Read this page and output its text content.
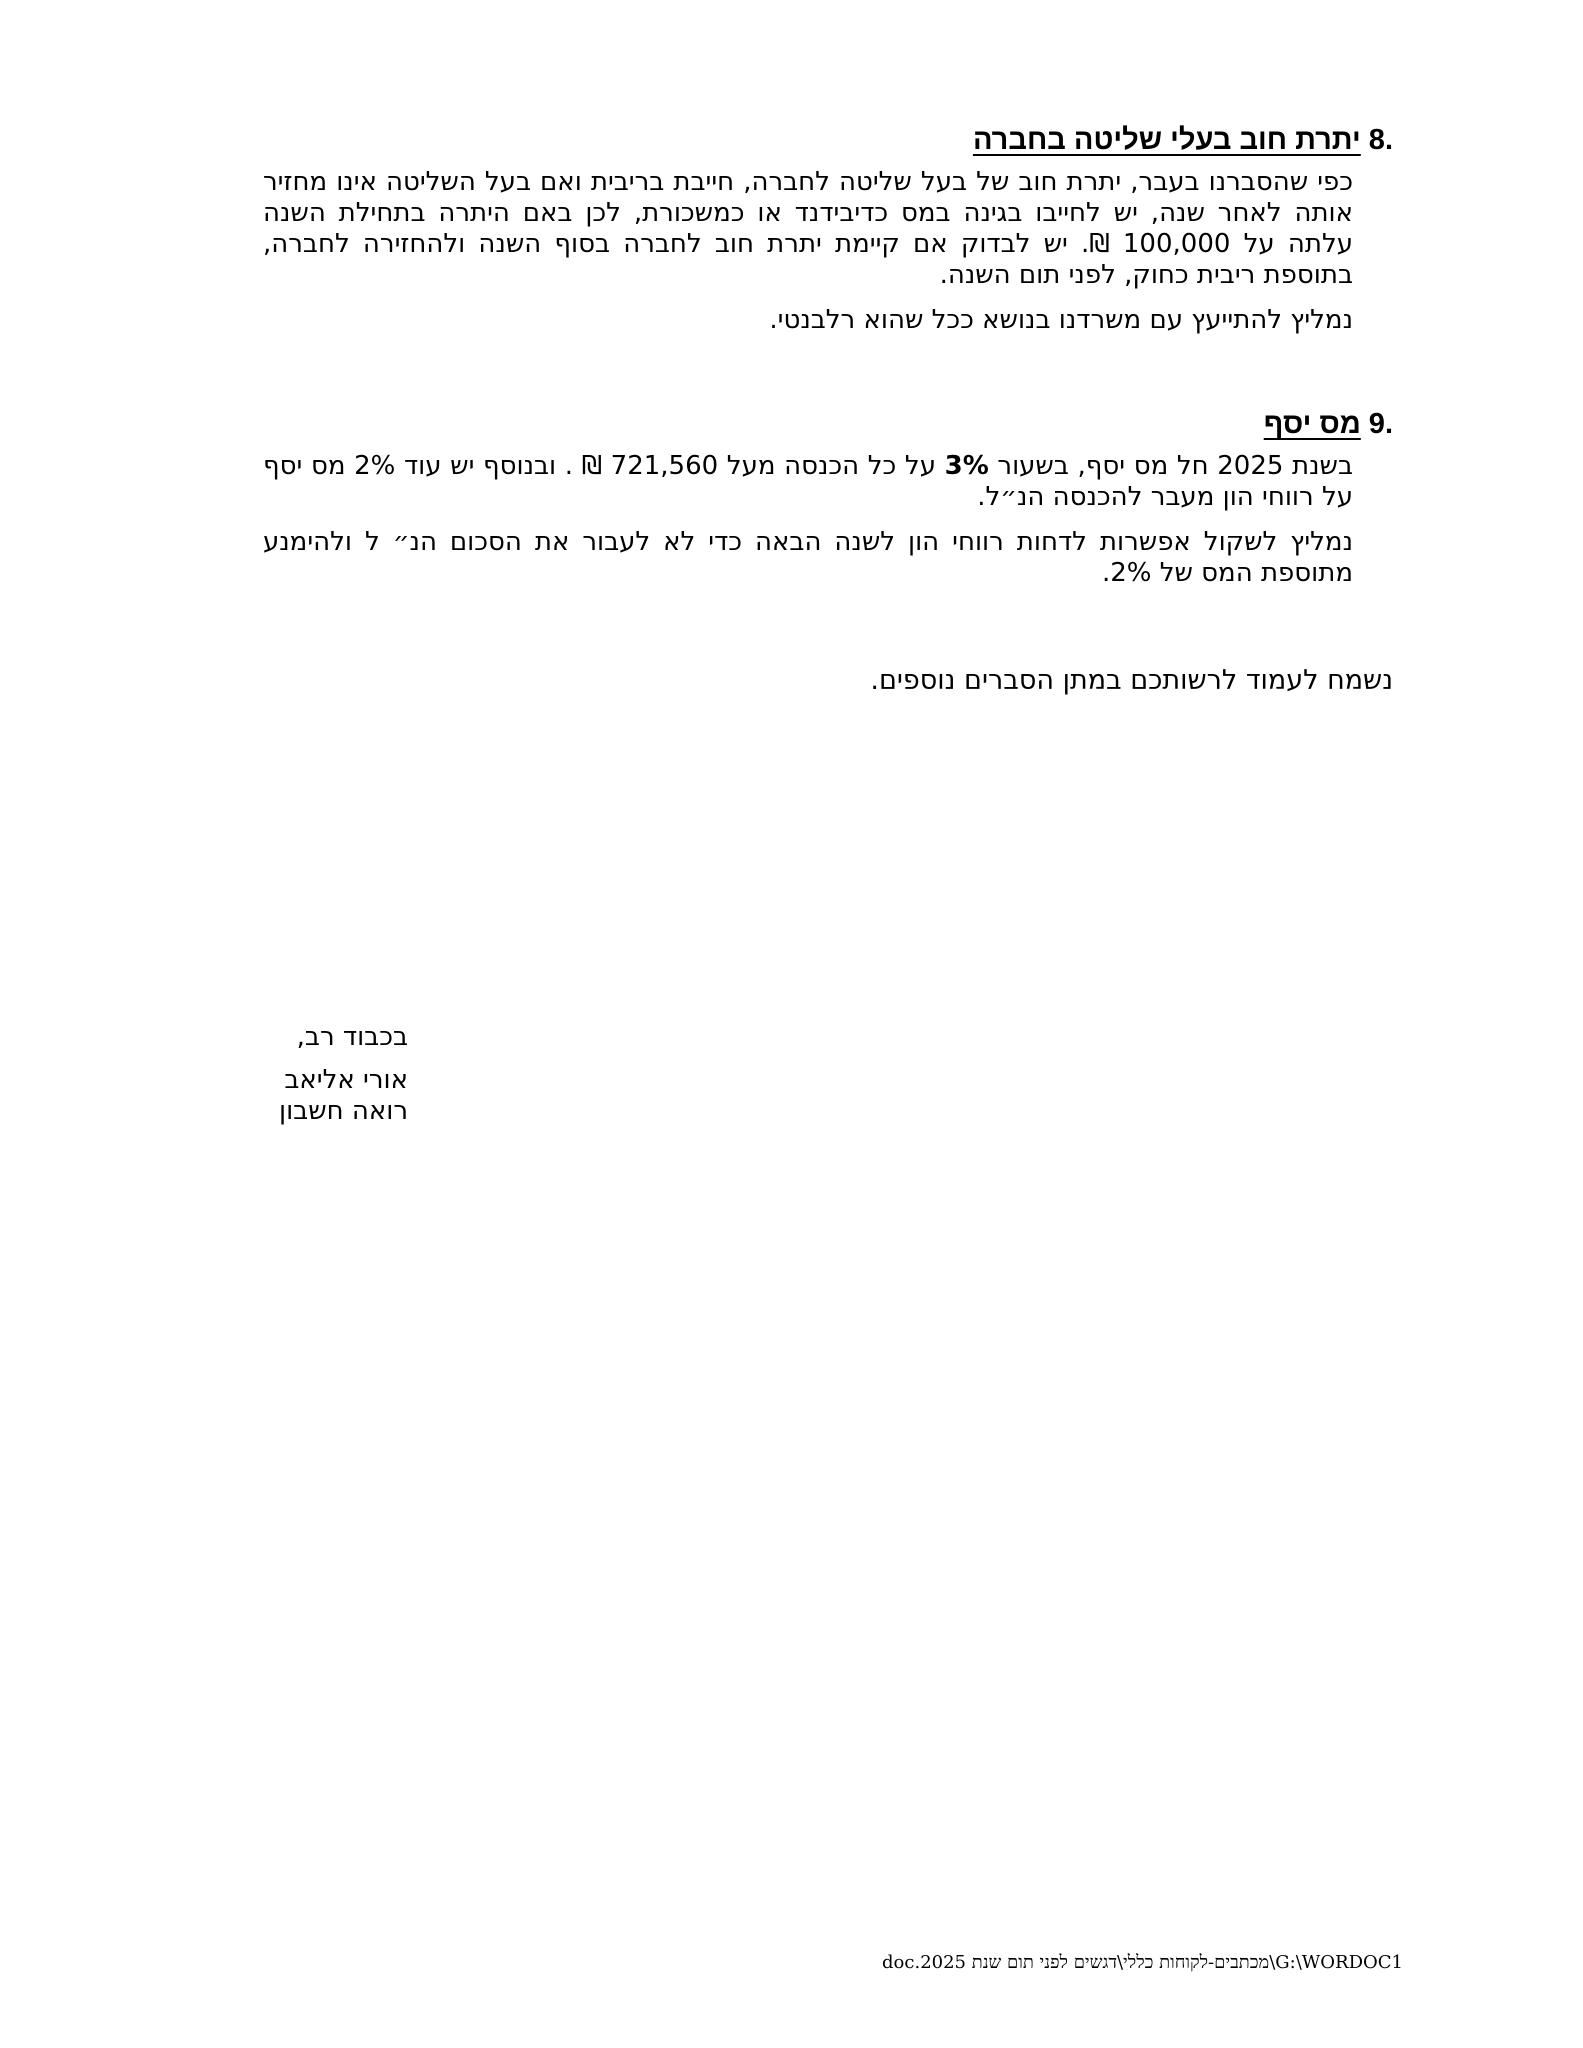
.8
יתרת חוב בעלי שליטה בחברה

כפי שהסברנו בעבר, יתרת חוב של בעל שליטה לחברה, חייבת בריבית ואם בעל השליטה אינו מחזיר אותה לאחר שנה, יש לחייבו בגינה במס כדיבידנד או כמשכורת, לכן באם היתרה בתחילת השנה עלתה על 100,000 ₪. יש לבדוק אם קיימת יתרת חוב לחברה בסוף השנה ולהחזירה לחברה, בתוספת ריבית כחוק, לפני תום השנה.

נמליץ להתייעץ עם משרדנו בנושא ככל שהוא רלבנטי.

.9
מס יסף

בשנת 2025 חל מס יסף, בשעור 3% על כל הכנסה מעל 721,560 ₪ . ובנוסף יש עוד 2% מס יסף על רווחי הון מעבר להכנסה הנ״ל.

נמליץ לשקול אפשרות לדחות רווחי הון לשנה הבאה כדי לא לעבור את הסכום הנ״ ל ולהימנע מתוספת המס של 2%.

נשמח לעמוד לרשותכם במתן הסברים נוספים.
בכבוד רב,
אורי אליאב
רואה חשבון
G:\WORDOC1\מכתבים-לקוחות כללי\דגשים לפני תום שנת 2025.doc
